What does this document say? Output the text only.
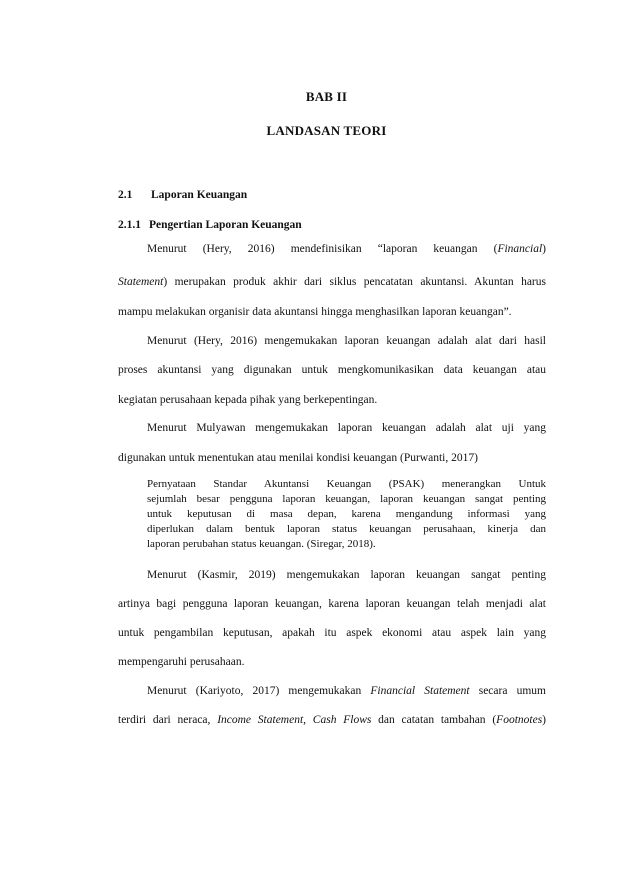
BAB II
LANDASAN TEORI
2.1 Laporan Keuangan
2.1.1 Pengertian Laporan Keuangan
Menurut (Hery, 2016) mendefinisikan “laporan keuangan (Financial)
Statement) merupakan produk akhir dari siklus pencatatan akuntansi. Akuntan harus
mampu melakukan organisir data akuntansi hingga menghasilkan laporan keuangan”.
Menurut (Hery, 2016) mengemukakan laporan keuangan adalah alat dari hasil
proses akuntansi yang digunakan untuk mengkomunikasikan data keuangan atau
kegiatan perusahaan kepada pihak yang berkepentingan.
Menurut Mulyawan mengemukakan laporan keuangan adalah alat uji yang
digunakan untuk menentukan atau menilai kondisi keuangan (Purwanti, 2017)
Pernyataan Standar Akuntansi Keuangan (PSAK) menerangkan Untuk
sejumlah besar pengguna laporan keuangan, laporan keuangan sangat penting
untuk keputusan di masa depan, karena mengandung informasi yang
diperlukan dalam bentuk laporan status keuangan perusahaan, kinerja dan
laporan perubahan status keuangan. (Siregar, 2018).
Menurut (Kasmir, 2019) mengemukakan laporan keuangan sangat penting
artinya bagi pengguna laporan keuangan, karena laporan keuangan telah menjadi alat
untuk pengambilan keputusan, apakah itu aspek ekonomi atau aspek lain yang
mempengaruhi perusahaan.
Menurut (Kariyoto, 2017) mengemukakan Financial Statement secara umum
terdiri dari neraca, Income Statement, Cash Flows dan catatan tambahan (Footnotes)
